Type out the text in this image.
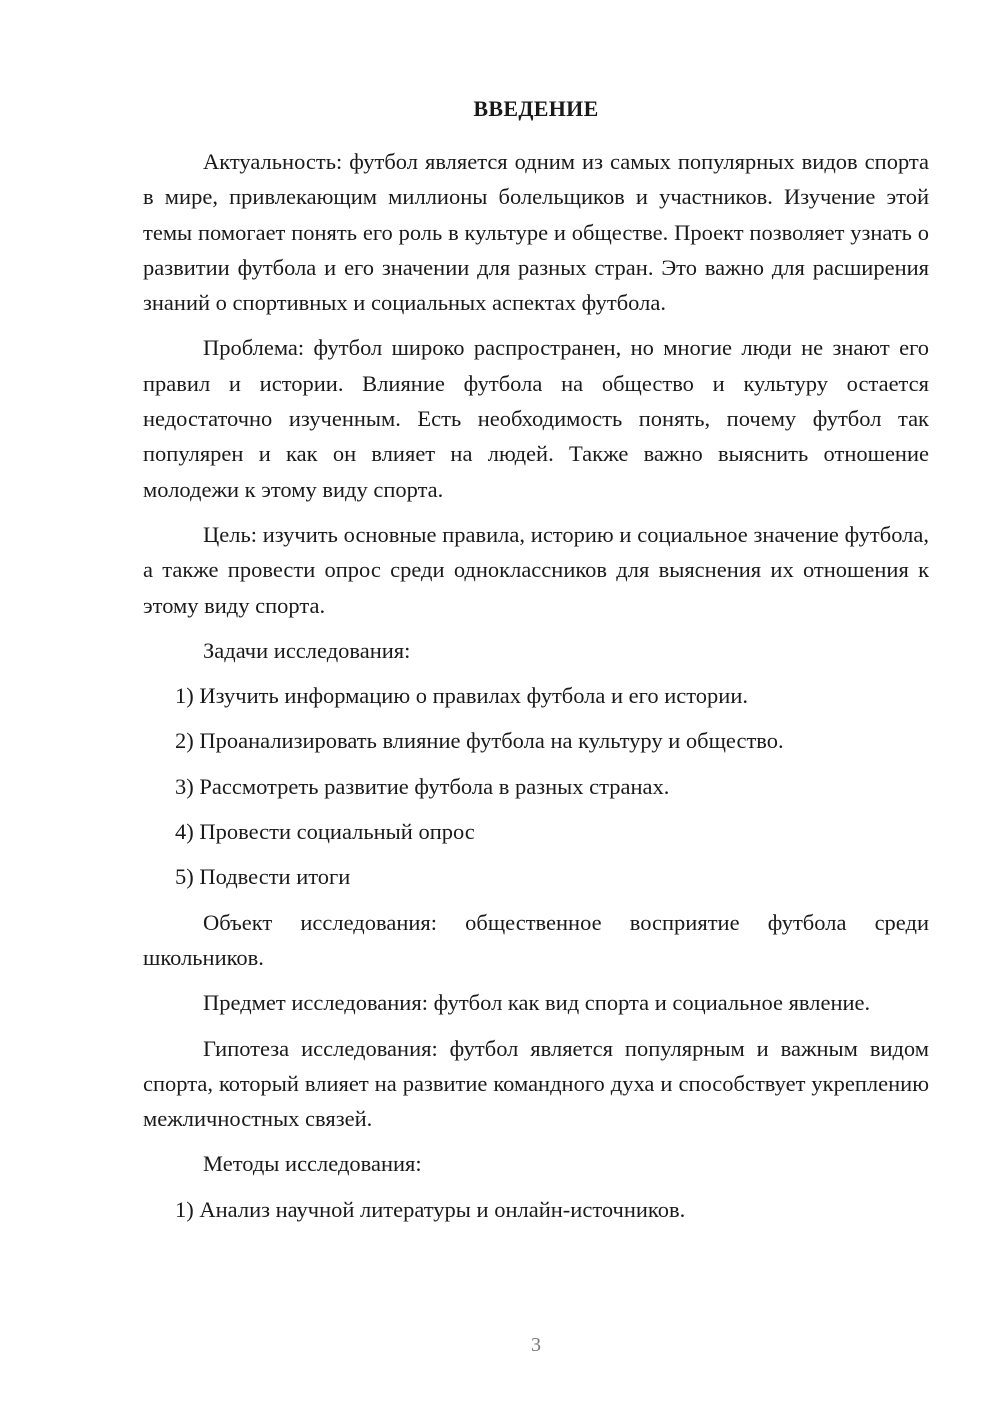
ВВЕДЕНИЕ

Актуальность: футбол является одним из самых популярных видов спорта в мире, привлекающим миллионы болельщиков и участников. Изучение этой темы помогает понять его роль в культуре и обществе. Проект позволяет узнать о развитии футбола и его значении для разных стран. Это важно для расширения знаний о спортивных и социальных аспектах футбола.

Проблема: футбол широко распространен, но многие люди не знают его правил и истории. Влияние футбола на общество и культуру остается недостаточно изученным. Есть необходимость понять, почему футбол так популярен и как он влияет на людей. Также важно выяснить отношение молодежи к этому виду спорта.

Цель: изучить основные правила, историю и социальное значение футбола, а также провести опрос среди одноклассников для выяснения их отношения к этому виду спорта.

Задачи исследования:

1) Изучить информацию о правилах футбола и его истории.

2) Проанализировать влияние футбола на культуру и общество.

3) Рассмотреть развитие футбола в разных странах.

4) Провести социальный опрос

5) Подвести итоги

Объект исследования: общественное восприятие футбола среди школьников.

Предмет исследования: футбол как вид спорта и социальное явление.

Гипотеза исследования: футбол является популярным и важным видом спорта, который влияет на развитие командного духа и способствует укреплению межличностных связей.

Методы исследования:

1) Анализ научной литературы и онлайн-источников.

3
